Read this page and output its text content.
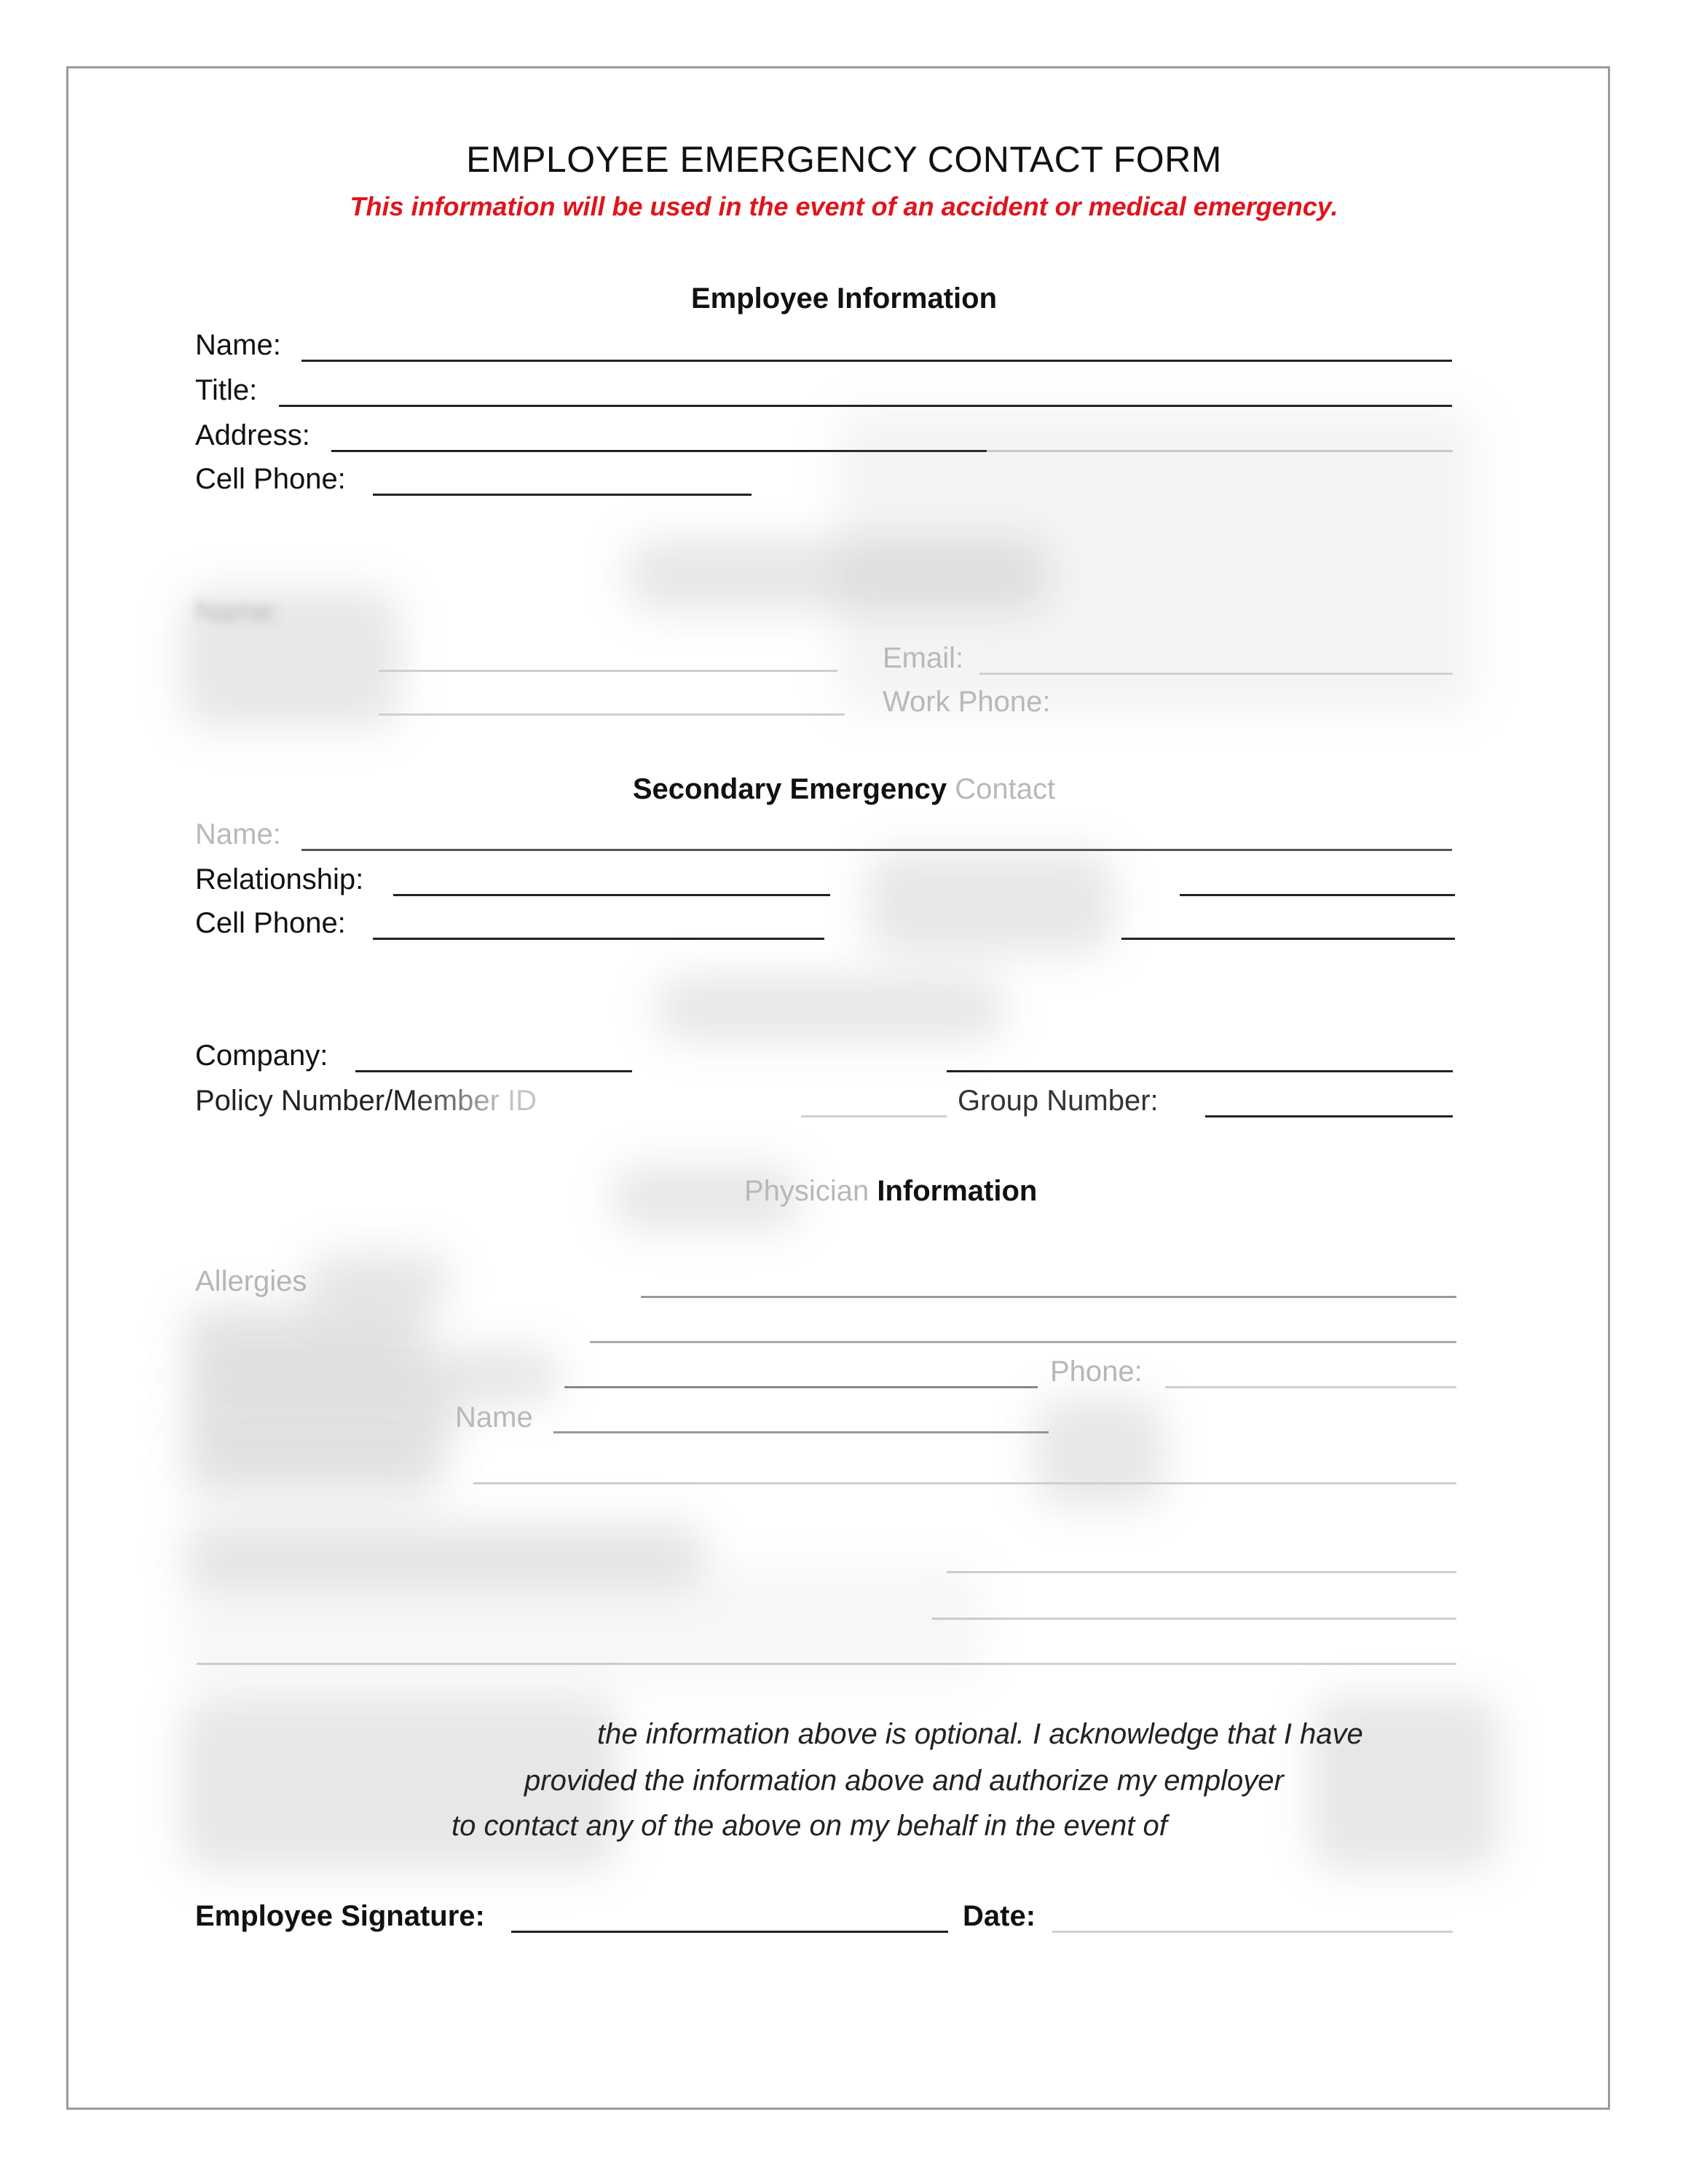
EMPLOYEE EMERGENCY CONTACT FORM
This information will be used in the event of an accident or medical emergency.
Employee Information
Name:
Title:
Address:
Cell Phone:
Name:
Email:
Work Phone:
Secondary Emergency Contact
Name:
Relationship:
Cell Phone:
Company:
Policy Number/Member ID	Group Number:
Physician Information
Allergies
Phone:
Name
the information above is optional. I acknowledge that I have
provided the information above and authorize my employer
to contact any of the above on my behalf in the event of
Employee Signature:	Date:
